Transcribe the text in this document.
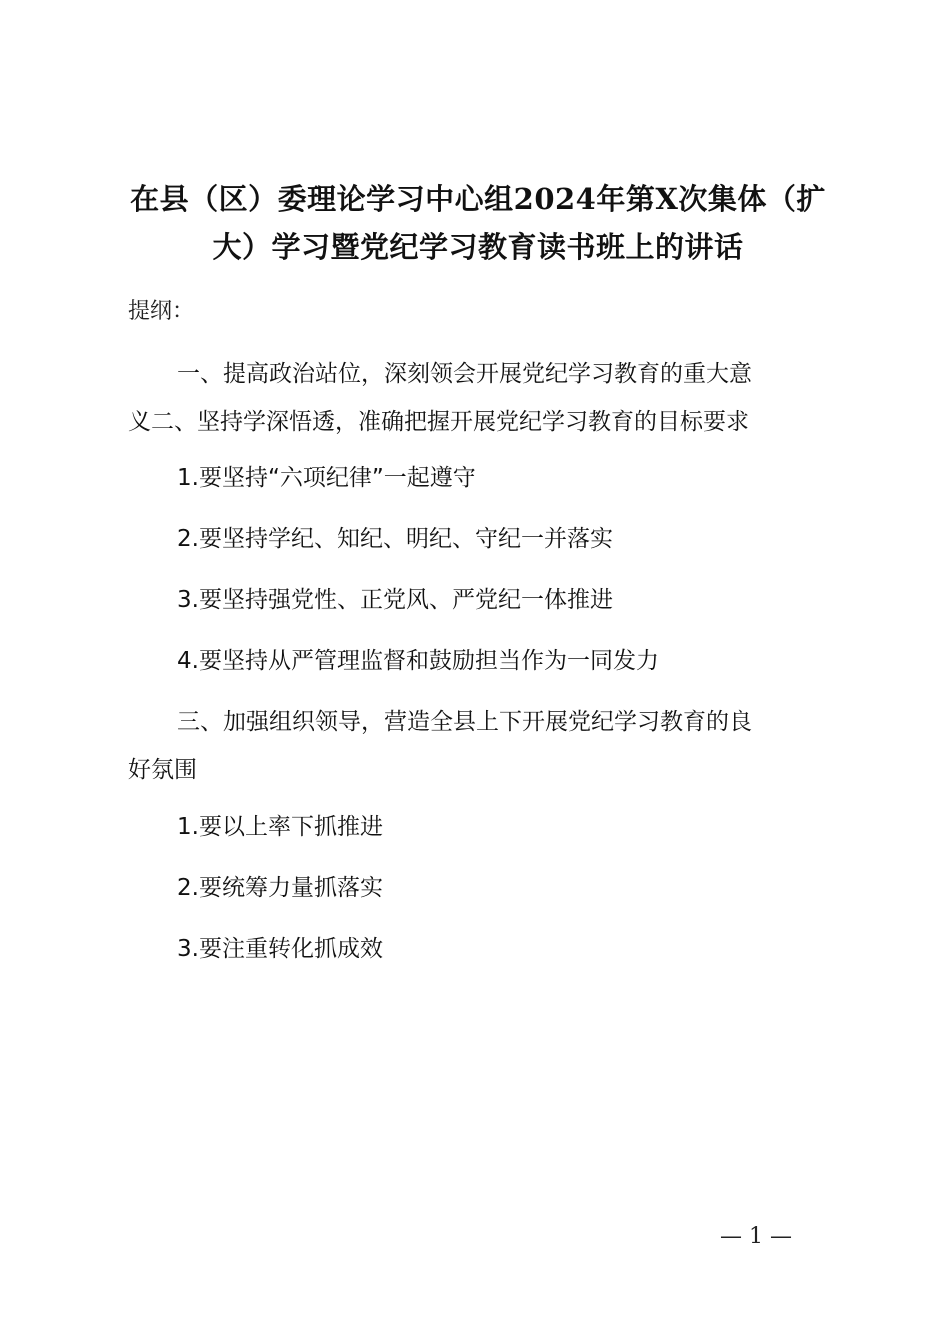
在县（区）委理论学习中心组2024年第X次集体（扩
大）学习暨党纪学习教育读书班上的讲话
提纲：
一、提高政治站位，深刻领会开展党纪学习教育的重大意
义二、坚持学深悟透，准确把握开展党纪学习教育的目标要求
1.要坚持“六项纪律”一起遵守
2.要坚持学纪、知纪、明纪、守纪一并落实
3.要坚持强党性、正党风、严党纪一体推进
4.要坚持从严管理监督和鼓励担当作为一同发力
三、加强组织领导，营造全县上下开展党纪学习教育的良
好氛围
1.要以上率下抓推进
2.要统筹力量抓落实
3.要注重转化抓成效
— 1 —
